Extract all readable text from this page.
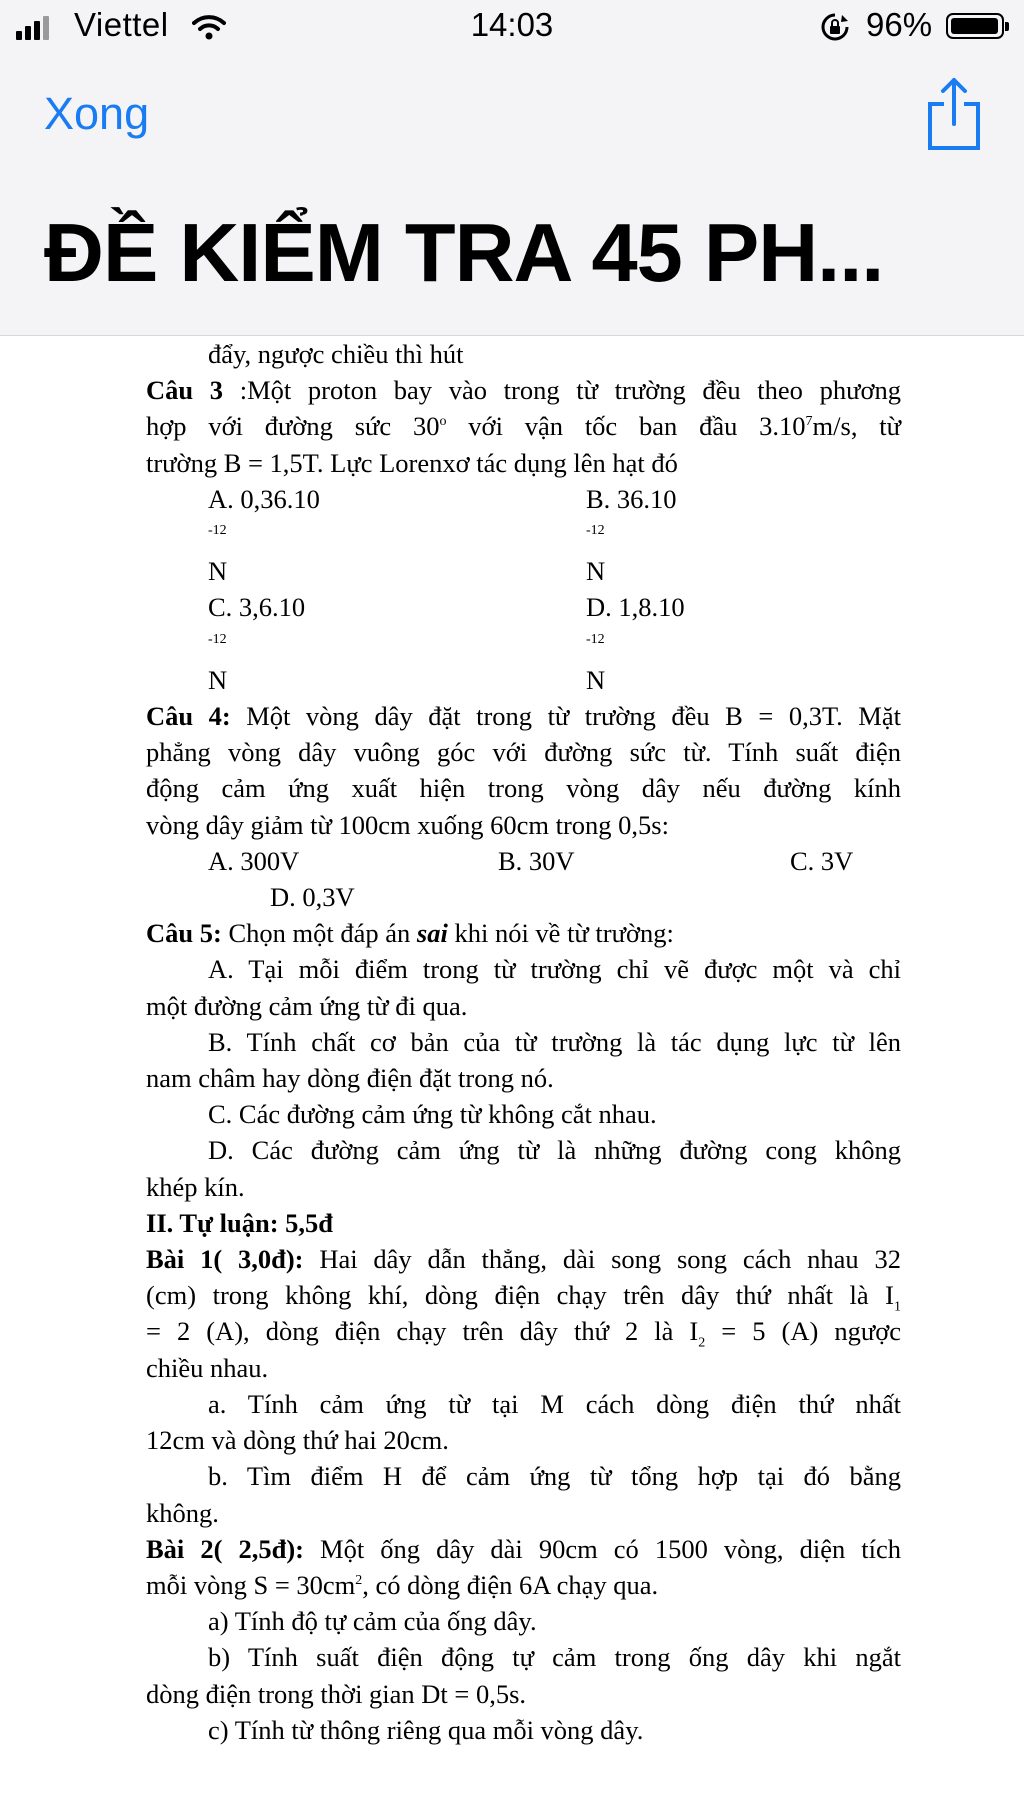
Viettel	14:03	96%
Xong
ĐỀ KIỂM TRA 45 PH...

đẩy, ngược chiều thì hút

Câu 3 :Một proton bay vào trong từ trường đều theo phương

hợp với đường sức 30$^o$ với vận tốc ban đầu 3.10$^7$m/s, từ

trường B = 1,5T. Lực Lorenxơ tác dụng lên hạt đó

A. 0,36.10
$^{-12}$
N
B. 36.10
$^{-12}$
N
C. 3,6.10
$^{-12}$
N
D. 1,8.10
$^{-12}$
N

Câu 4: Một vòng dây đặt trong từ trường đều B = 0,3T. Mặt

phẳng vòng dây vuông góc với đường sức từ. Tính suất điện

động cảm ứng xuất hiện trong vòng dây nếu đường kính

vòng dây giảm từ 100cm xuống 60cm trong 0,5s:

A. 300V	B. 30V	C. 3V

D. 0,3V

Câu 5: Chọn một đáp án sai khi nói về từ trường:

A. Tại mỗi điểm trong từ trường chỉ vẽ được một và chỉ

một đường cảm ứng từ đi qua.

B. Tính chất cơ bản của từ trường là tác dụng lực từ lên

nam châm hay dòng điện đặt trong nó.

C. Các đường cảm ứng từ không cắt nhau.

D. Các đường cảm ứng từ là những đường cong không

khép kín.

II. Tự luận: 5,5đ

Bài 1( 3,0đ): Hai dây dẫn thẳng, dài song song cách nhau 32

(cm) trong không khí, dòng điện chạy trên dây thứ nhất là $I_1$

= 2 (A), dòng điện chạy trên dây thứ 2 là $I_2 = 5$ (A) ngược

chiều nhau.

a. Tính cảm ứng từ tại M cách dòng điện thứ nhất

12cm và dòng thứ hai 20cm.

b. Tìm điểm H để cảm ứng từ tổng hợp tại đó bằng

không.

Bài 2( 2,5đ): Một ống dây dài 90cm có 1500 vòng, diện tích

mỗi vòng $S = 30cm^2$, có dòng điện 6A chạy qua.

a) Tính độ tự cảm của ống dây.

b) Tính suất điện động tự cảm trong ống dây khi ngắt

dòng điện trong thời gian Dt = 0,5s.

c) Tính từ thông riêng qua mỗi vòng dây.
